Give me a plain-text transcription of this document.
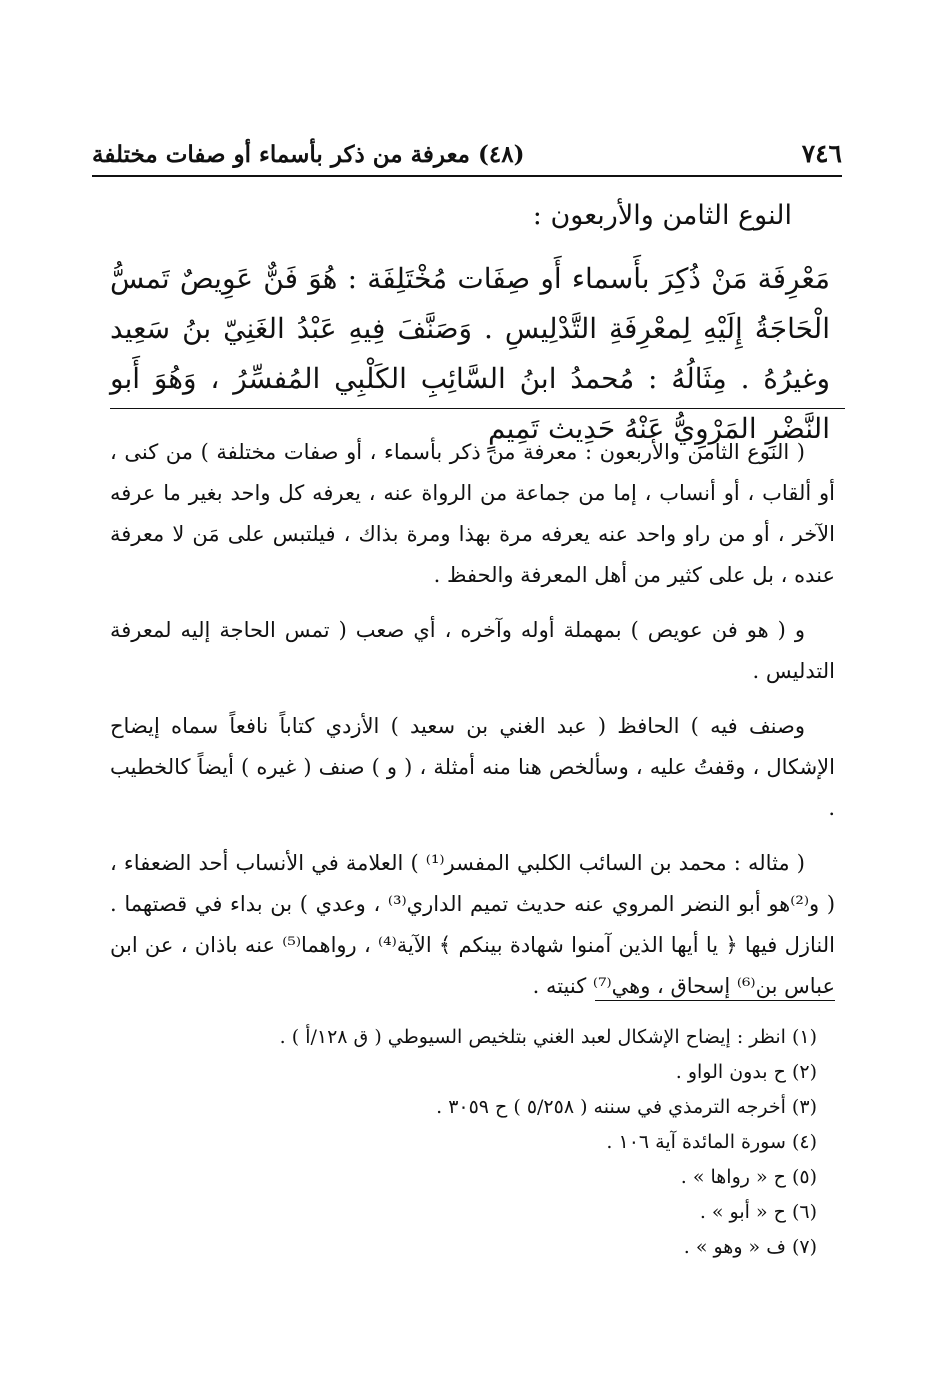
٧٤٦
(٤٨) معرفة من ذكر بأسماء أو صفات مختلفة
النوع الثامن والأربعون :
مَعْرِفَة مَنْ ذُكِرَ بأَسماء أَو صِفَات مُخْتَلِفَة : هُوَ فَنٌّ عَوِيصٌ تَمسُّ الْحَاجَةُ إِلَيْهِ لِمعْرِفَةِ التَّدْلِيسِ . وَصَنَّفَ فِيهِ عَبْدُ الغَنِيّ بنُ سَعِيد وغيرُهُ . مِثَالُهُ : مُحمدُ ابنُ السَّائِبِ الكَلْبِي المُفسِّرُ ، وَهُوَ أَبو النَّضْرِ المَرْوِيُّ عَنْهُ حَدِيث تَمِيمٍ

( النوع الثامن والأربعون : معرفة من ذكر بأسماء ، أو صفات مختلفة ) من كنى ، أو ألقاب ، أو أنساب ، إما من جماعة من الرواة عنه ، يعرفه كل واحد بغير ما عرفه الآخر ، أو من راو واحد عنه يعرفه مرة بهذا ومرة بذاك ، فيلتبس على مَن لا معرفة عنده ، بل على كثير من أهل المعرفة والحفظ .

و ( هو فن عويص ) بمهملة أوله وآخره ، أي صعب ( تمس الحاجة إليه لمعرفة التدليس .

وصنف فيه ) الحافظ ( عبد الغني بن سعيد ) الأزدي كتاباً نافعاً سماه إيضاح الإشكال ، وقفتُ عليه ، وسألخص هنا منه أمثلة ، ( و ) صنف ( غيره ) أيضاً كالخطيب .

( مثاله : محمد بن السائب الكلبي المفسر⁽¹⁾ ) العلامة في الأنساب أحد الضعفاء ، ( و⁽²⁾هو أبو النضر المروي عنه حديث تميم الداري⁽³⁾ ، وعدي ) بن بداء في قصتهما . النازل فيها ﴿ يا أيها الذين آمنوا شهادة بينكم ﴾ الآية⁽⁴⁾ ، رواهما⁽⁵⁾ عنه باذان ، عن ابن عباس بن⁽⁶⁾ إسحاق ، وهي⁽⁷⁾ كنيته .

(١) انظر : إيضاح الإشكال لعبد الغني بتلخيص السيوطي ( ق ١٢٨/أ ) .
(٢) ح بدون الواو .
(٣) أخرجه الترمذي في سننه ( ٥/٢٥٨ ) ح ٣٠٥٩ .
(٤) سورة المائدة آية ١٠٦ .
(٥) ح « رواها » .
(٦) ح « أبو » .
(٧) ف « وهو » .
